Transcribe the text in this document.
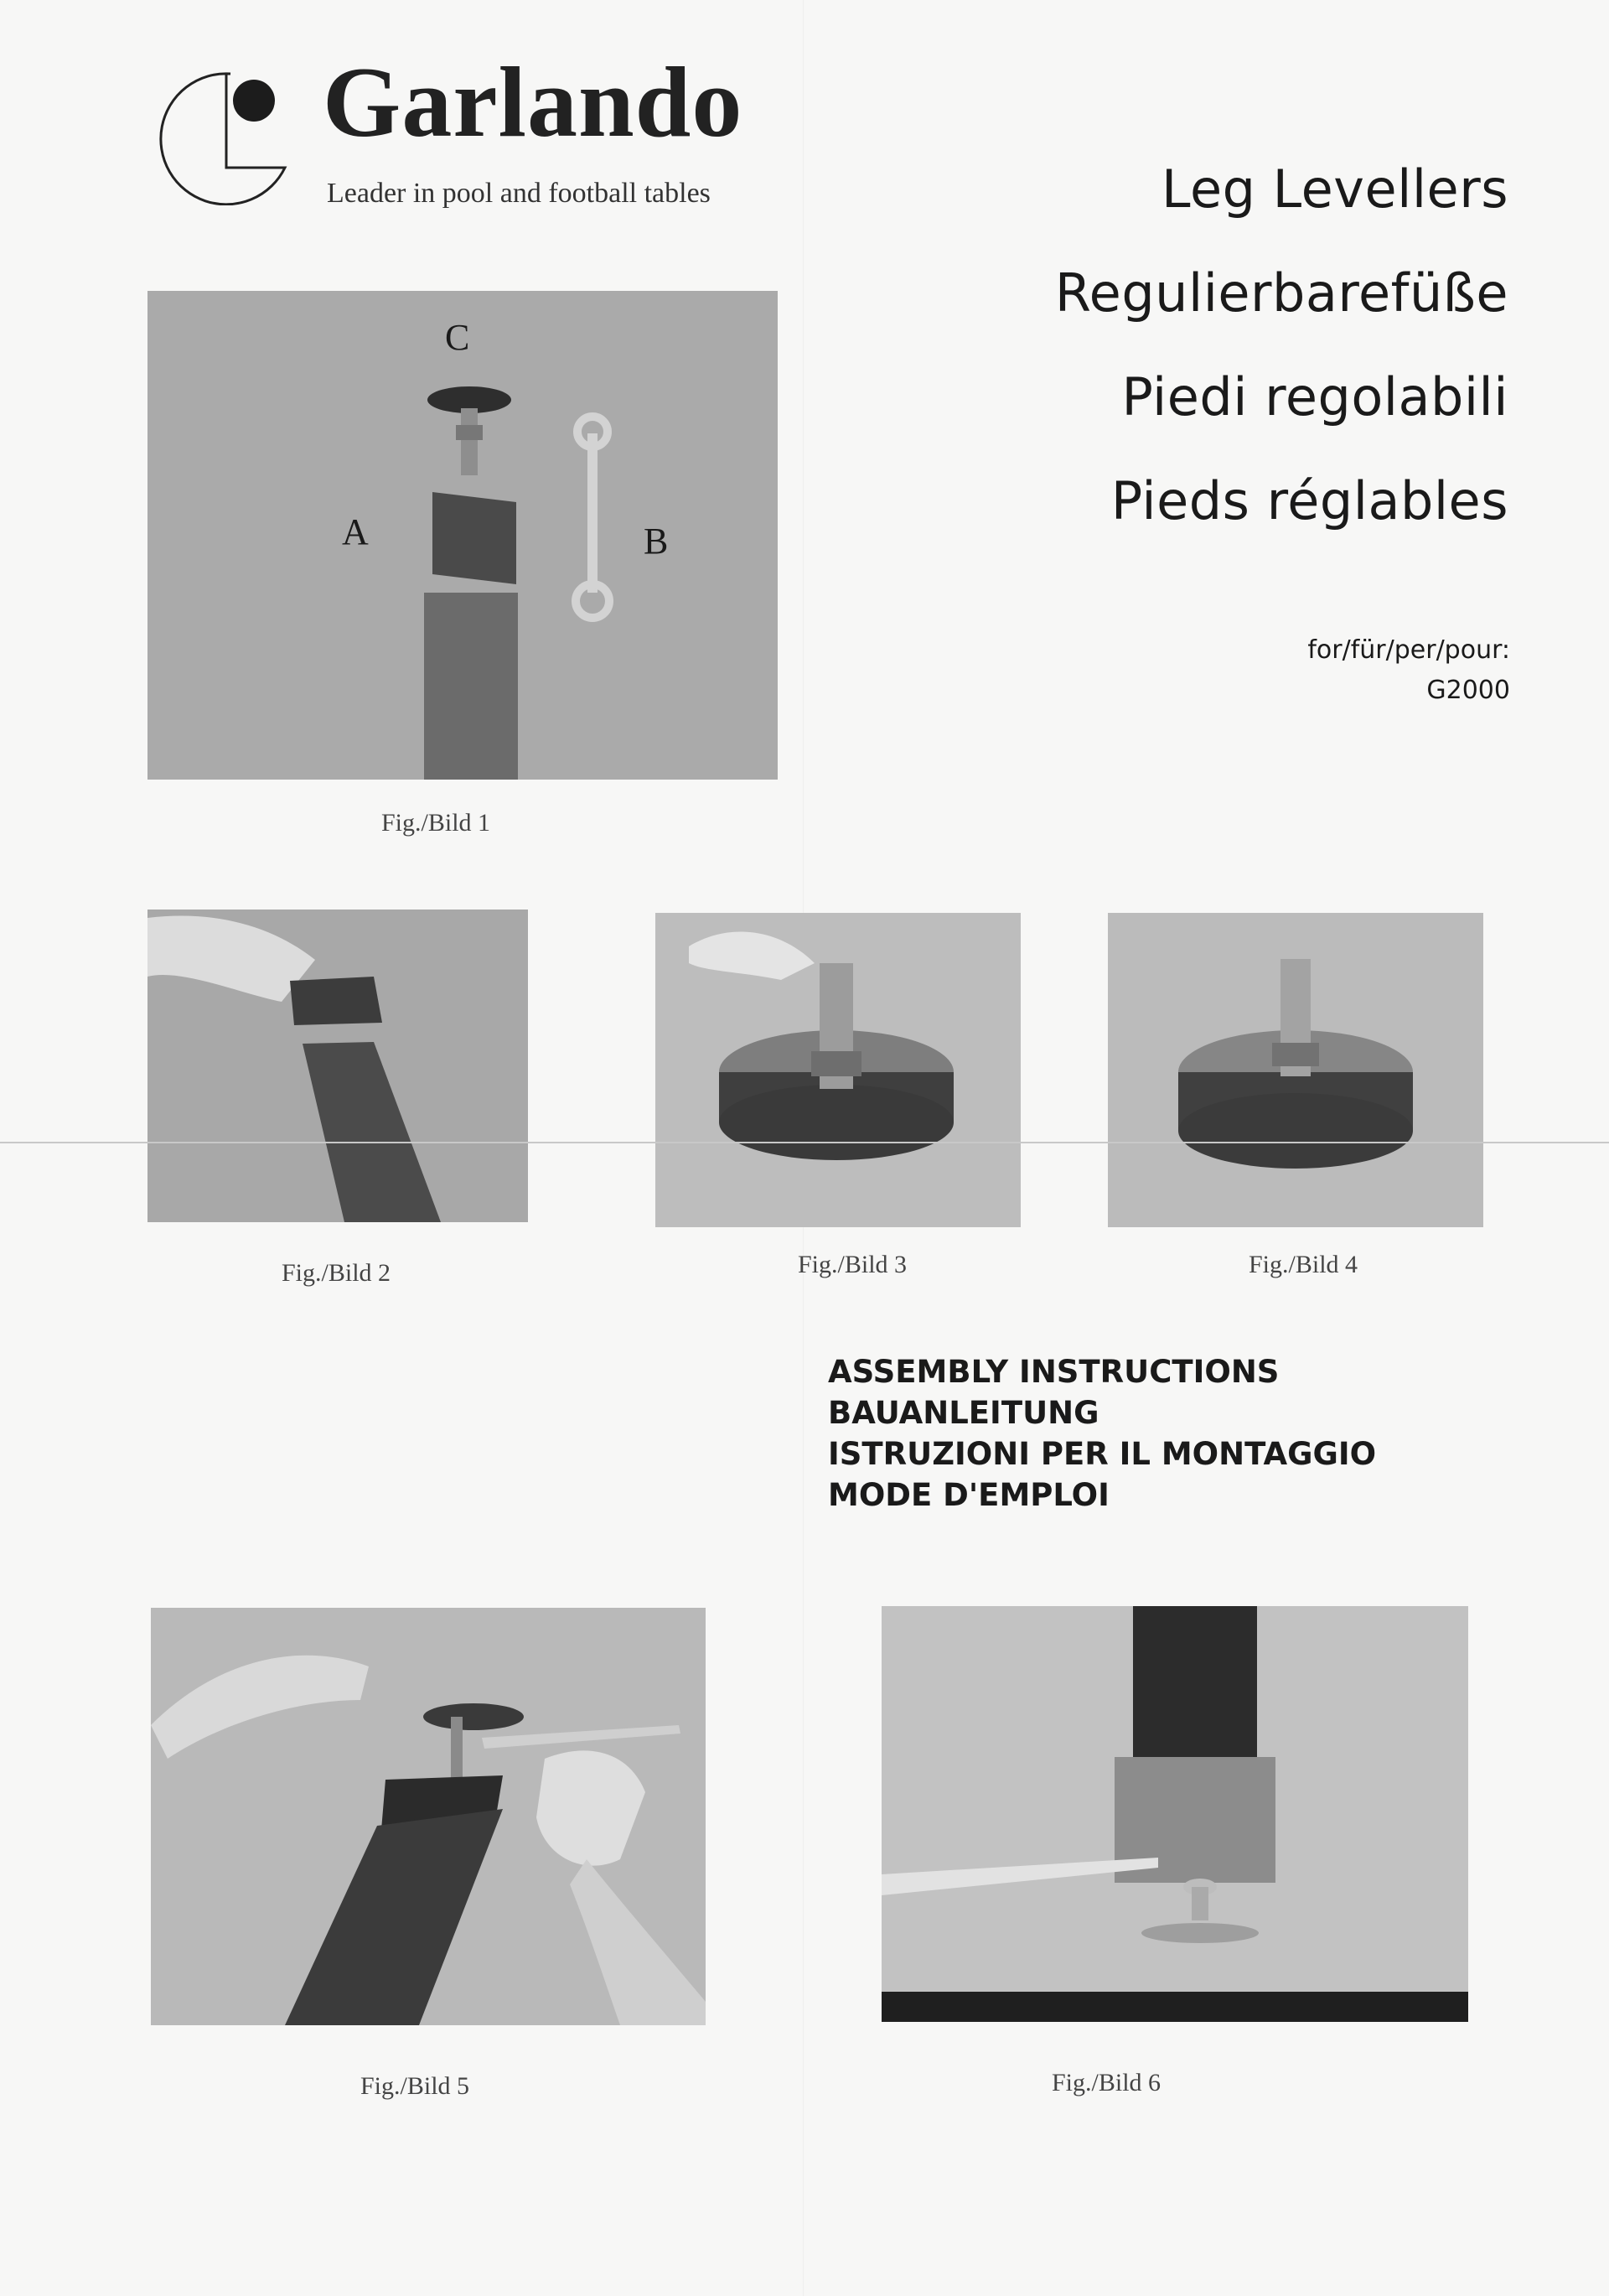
Garlando
Leader in pool and football tables	Leg Levellers
Regulierbarefüße
Piedi regolabili
Pieds réglables
for/für/per/pour:
G2000
C
A	B
Fig./Bild 1
Fig./Bild 2	Fig./Bild 3	Fig./Bild 4
ASSEMBLY INSTRUCTIONS
BAUANLEITUNG
ISTRUZIONI PER IL MONTAGGIO
MODE D'EMPLOI
Fig./Bild 5	Fig./Bild 6
